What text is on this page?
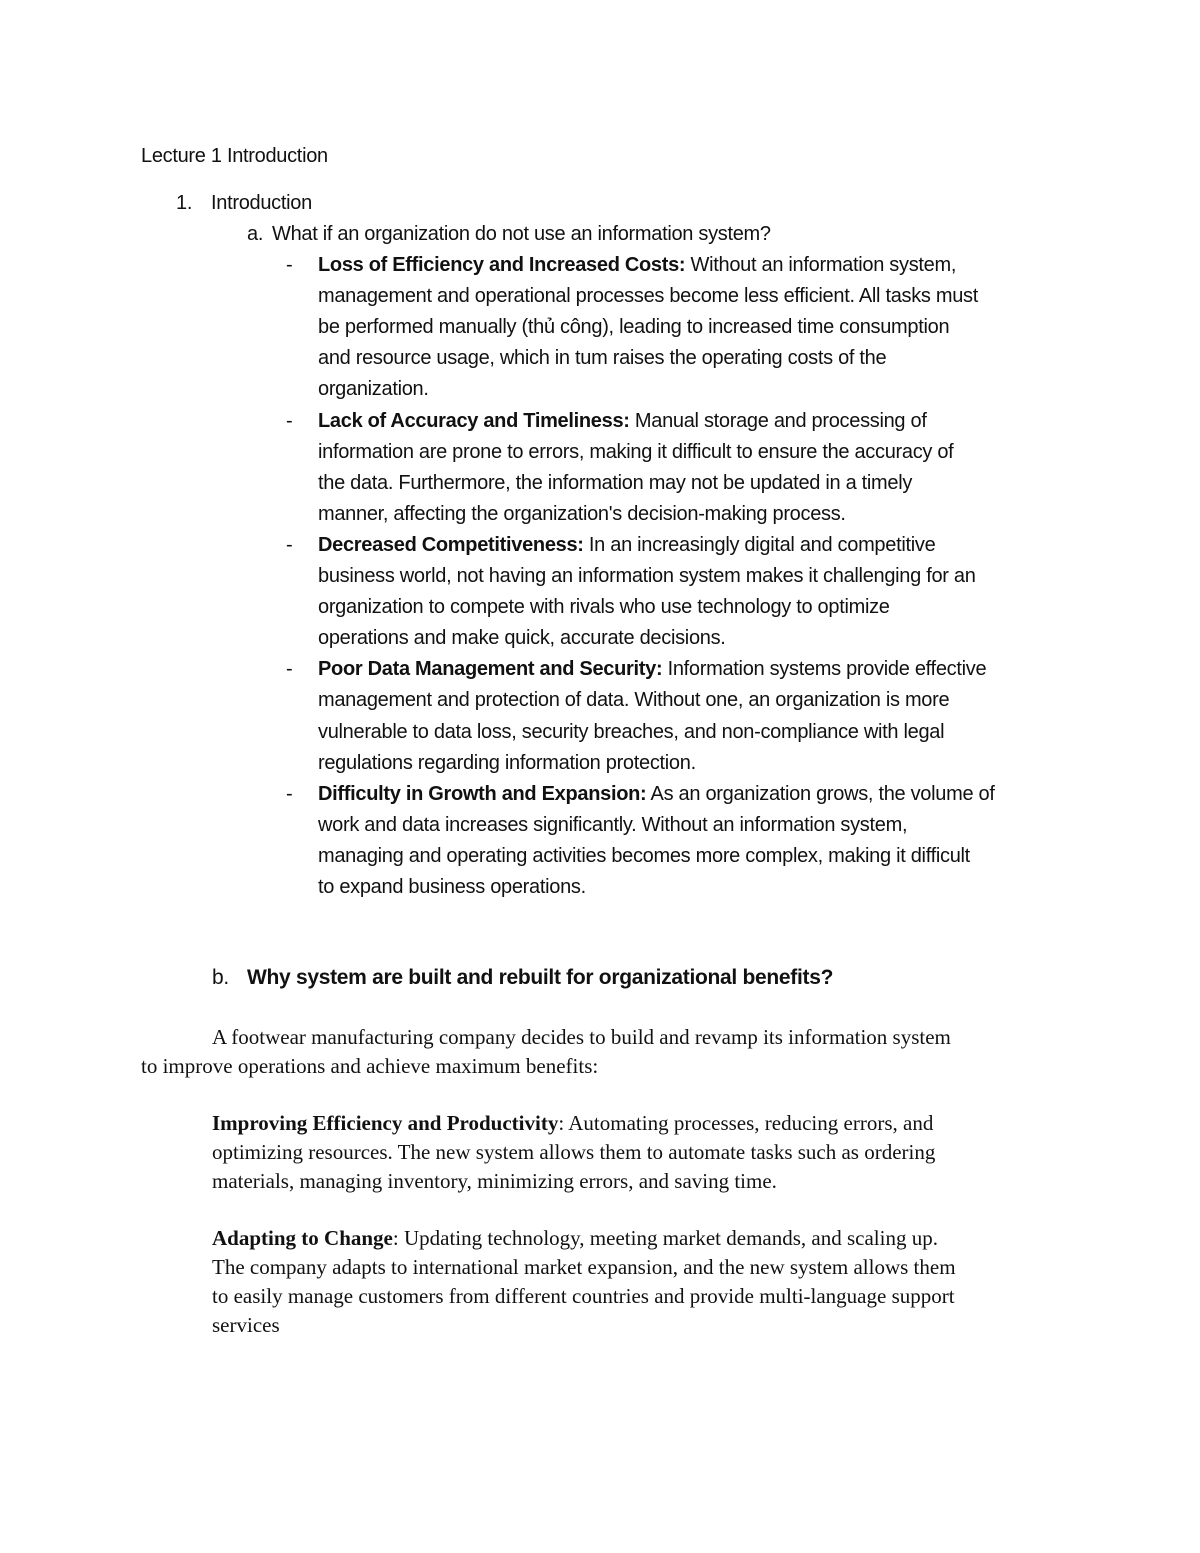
Lecture 1 Introduction
1. Introduction
a. What if an organization do not use an information system?
- Loss of Efficiency and Increased Costs: Without an information system,
management and operational processes become less efficient. All tasks must
be performed manually (thủ công), leading to increased time consumption
and resource usage, which in tum raises the operating costs of the
organization.
- Lack of Accuracy and Timeliness: Manual storage and processing of
information are prone to errors, making it difficult to ensure the accuracy of
the data. Furthermore, the information may not be updated in a timely
manner, affecting the organization's decision-making process.
- Decreased Competitiveness: In an increasingly digital and competitive
business world, not having an information system makes it challenging for an
organization to compete with rivals who use technology to optimize
operations and make quick, accurate decisions.
- Poor Data Management and Security: Information systems provide effective
management and protection of data. Without one, an organization is more
vulnerable to data loss, security breaches, and non-compliance with legal
regulations regarding information protection.
- Difficulty in Growth and Expansion: As an organization grows, the volume of
work and data increases significantly. Without an information system,
managing and operating activities becomes more complex, making it difficult
to expand business operations.
b. Why system are built and rebuilt for organizational benefits?
A footwear manufacturing company decides to build and revamp its information system
to improve operations and achieve maximum benefits:
Improving Efficiency and Productivity: Automating processes, reducing errors, and
optimizing resources. The new system allows them to automate tasks such as ordering
materials, managing inventory, minimizing errors, and saving time.
Adapting to Change: Updating technology, meeting market demands, and scaling up.
The company adapts to international market expansion, and the new system allows them
to easily manage customers from different countries and provide multi-language support
services
